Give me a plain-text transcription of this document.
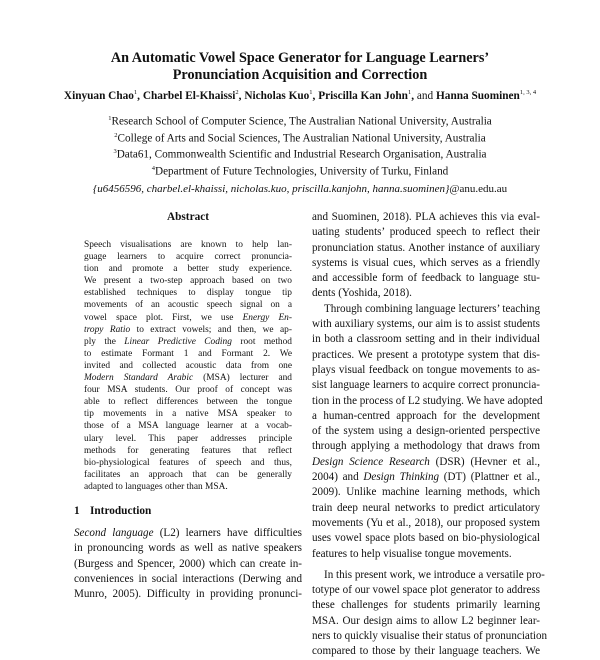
An Automatic Vowel Space Generator for Language Learners’
Pronunciation Acquisition and Correction
Xinyuan Chao$^1$, Charbel El-Khaissi$^2$, Nicholas Kuo$^1$, Priscilla Kan John$^1$, and Hanna Suominen$^{1, 3, 4}$
$^1$Research School of Computer Science, The Australian National University, Australia
$^2$College of Arts and Social Sciences, The Australian National University, Australia
$^3$Data61, Commonwealth Scientific and Industrial Research Organisation, Australia
$^4$Department of Future Technologies, University of Turku, Finland
{u6456596, charbel.el-khaissi, nicholas.kuo, priscilla.kanjohn, hanna.suominen}@anu.edu.au
Abstract
Speech visualisations are known to help lan-
guage learners to acquire correct pronuncia-
tion and promote a better study experience.
We present a two-step approach based on two
established techniques to display tongue tip
movements of an acoustic speech signal on a
vowel space plot. First, we use Energy En-
tropy Ratio to extract vowels; and then, we ap-
ply the Linear Predictive Coding root method
to estimate Formant 1 and Formant 2. We
invited and collected acoustic data from one
Modern Standard Arabic (MSA) lecturer and
four MSA students. Our proof of concept was
able to reflect differences between the tongue
tip movements in a native MSA speaker to
those of a MSA language learner at a vocab-
ulary level. This paper addresses principle
methods for generating features that reflect
bio-physiological features of speech and thus,
facilitates an approach that can be generally
adapted to languages other than MSA.
1 Introduction
Second language (L2) learners have difficulties
in pronouncing words as well as native speakers
(Burgess and Spencer, 2000) which can create in-
conveniences in social interactions (Derwing and
Munro, 2005). Difficulty in providing pronunci-
and Suominen, 2018). PLA achieves this via eval-
uating students’ produced speech to reflect their
pronunciation status. Another instance of auxiliary
systems is visual cues, which serves as a friendly
and accessible form of feedback to language stu-
dents (Yoshida, 2018).
Through combining language lecturers’ teaching
with auxiliary systems, our aim is to assist students
in both a classroom setting and in their individual
practices. We present a prototype system that dis-
plays visual feedback on tongue movements to as-
sist language learners to acquire correct pronuncia-
tion in the process of L2 studying. We have adopted
a human-centred approach for the development
of the system using a design-oriented perspective
through applying a methodology that draws from
Design Science Research (DSR) (Hevner et al.,
2004) and Design Thinking (DT) (Plattner et al.,
2009). Unlike machine learning methods, which
train deep neural networks to predict articulatory
movements (Yu et al., 2018), our proposed system
uses vowel space plots based on bio-physiological
features to help visualise tongue movements.
In this present work, we introduce a versatile pro-
totype of our vowel space plot generator to address
these challenges for students primarily learning
MSA. Our design aims to allow L2 beginner lear-
ners to quickly visualise their status of pronunciation
compared to those by their language teachers. We
